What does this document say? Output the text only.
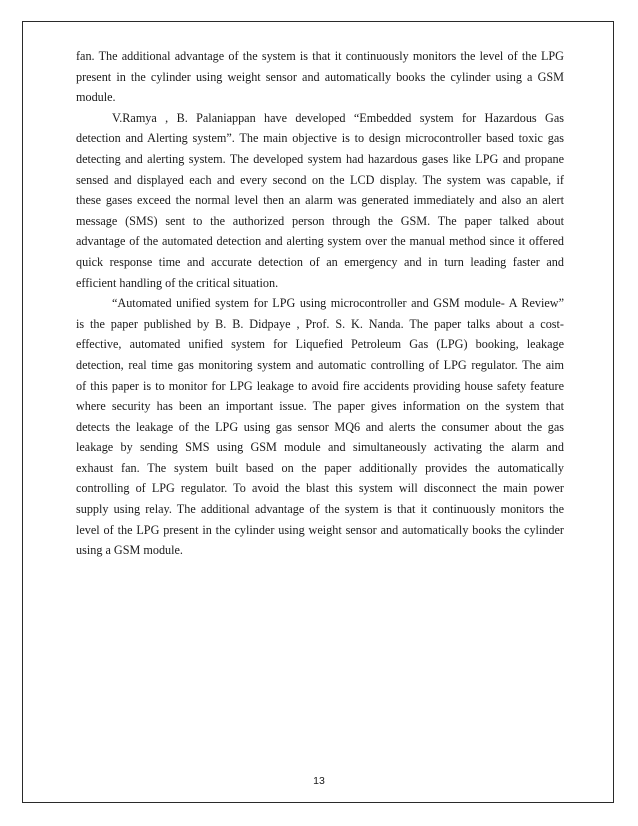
fan. The additional advantage of the system is that it continuously monitors the level of the LPG
present in the cylinder using weight sensor and automatically books the cylinder using a GSM
module.
V.Ramya , B. Palaniappan have developed “Embedded system for Hazardous Gas
detection and Alerting system”. The main objective is to design microcontroller based toxic gas
detecting and alerting system. The developed system had hazardous gases like LPG and propane
sensed and displayed each and every second on the LCD display. The system was capable, if
these gases exceed the normal level then an alarm was generated immediately and also an alert
message (SMS) sent to the authorized person through the GSM. The paper talked about
advantage of the automated detection and alerting system over the manual method since it offered
quick response time and accurate detection of an emergency and in turn leading faster and
efficient handling of the critical situation.
“Automated unified system for LPG using microcontroller and GSM module- A Review”
is the paper published by B. B. Didpaye , Prof. S. K. Nanda. The paper talks about a cost-
effective, automated unified system for Liquefied Petroleum Gas (LPG) booking, leakage
detection, real time gas monitoring system and automatic controlling of LPG regulator. The aim
of this paper is to monitor for LPG leakage to avoid fire accidents providing house safety feature
where security has been an important issue. The paper gives information on the system that
detects the leakage of the LPG using gas sensor MQ6 and alerts the consumer about the gas
leakage by sending SMS using GSM module and simultaneously activating the alarm and
exhaust fan. The system built based on the paper additionally provides the automatically
controlling of LPG regulator. To avoid the blast this system will disconnect the main power
supply using relay. The additional advantage of the system is that it continuously monitors the
level of the LPG present in the cylinder using weight sensor and automatically books the cylinder
using a GSM module.
13
